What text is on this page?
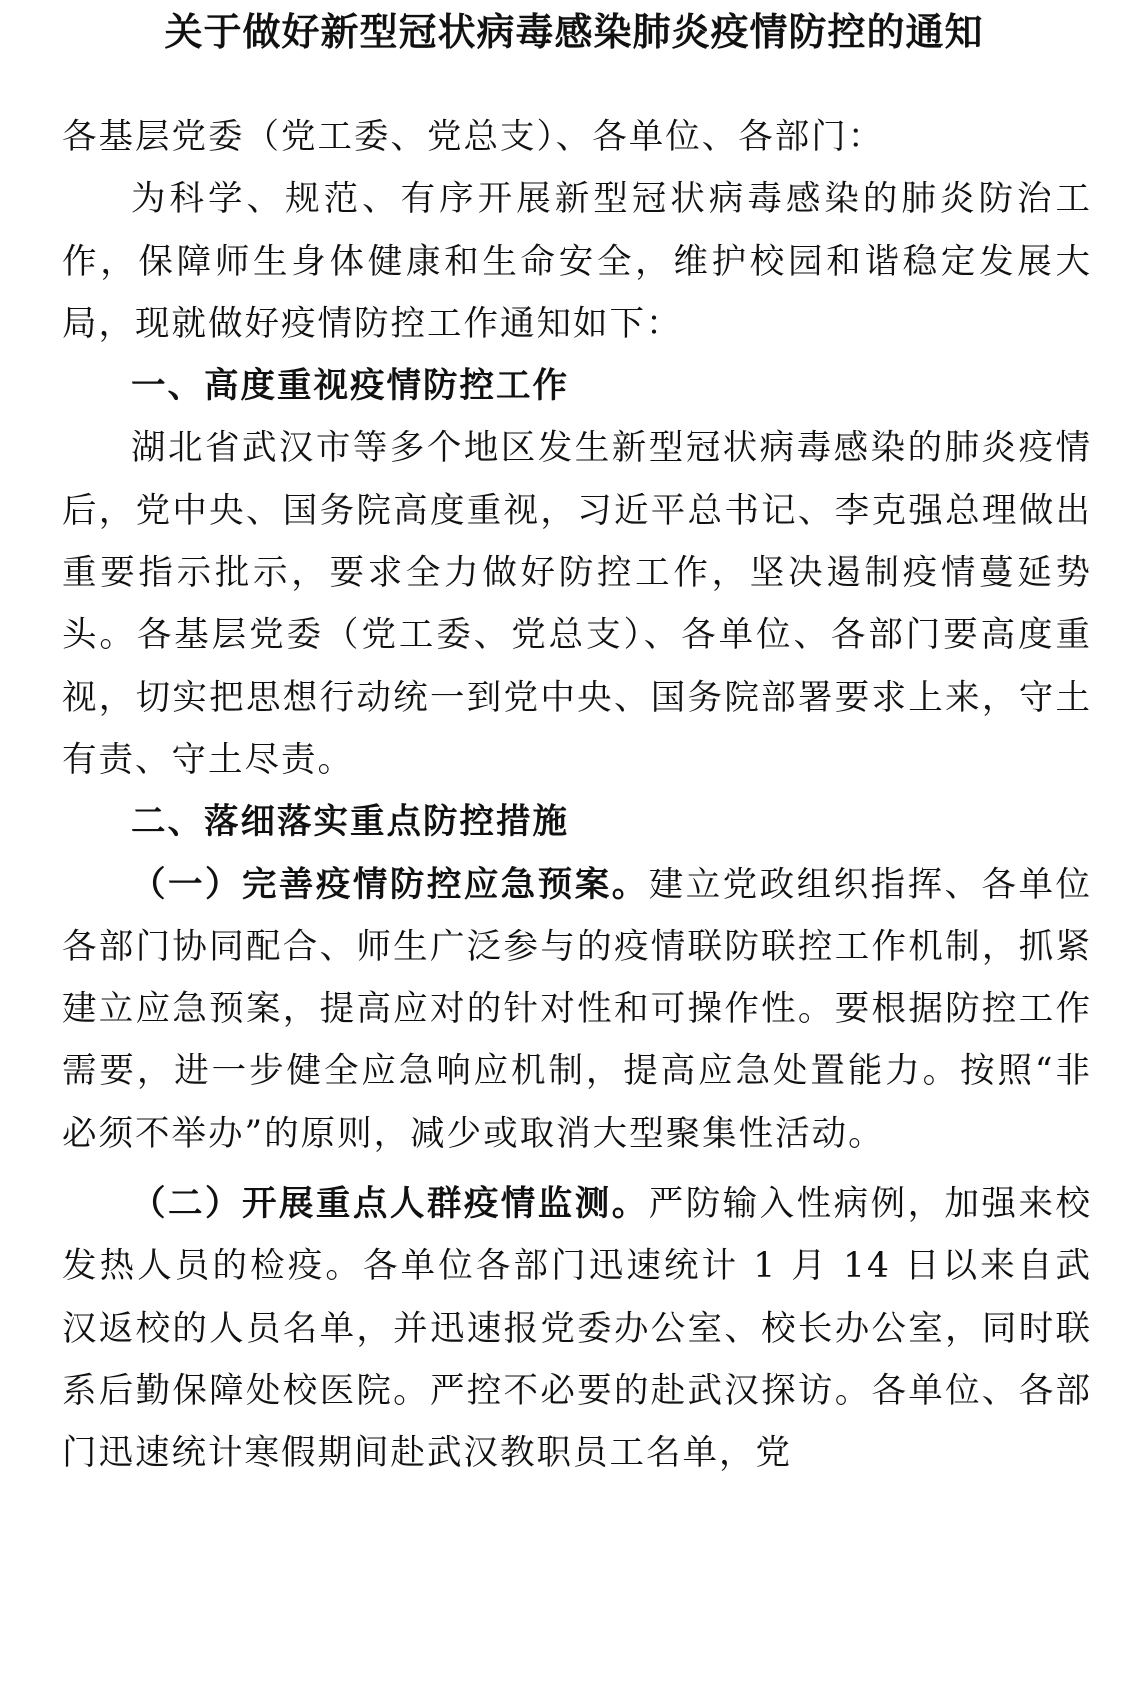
关于做好新型冠状病毒感染肺炎疫情防控的通知

各基层党委（党工委、党总支）、各单位、各部门：

为科学、规范、有序开展新型冠状病毒感染的肺炎防治工作，保障师生身体健康和生命安全，维护校园和谐稳定发展大局，现就做好疫情防控工作通知如下：

一、高度重视疫情防控工作

湖北省武汉市等多个地区发生新型冠状病毒感染的肺炎疫情后，党中央、国务院高度重视，习近平总书记、李克强总理做出重要指示批示，要求全力做好防控工作，坚决遏制疫情蔓延势头。各基层党委（党工委、党总支）、各单位、各部门要高度重视，切实把思想行动统一到党中央、国务院部署要求上来，守土有责、守土尽责。

二、落细落实重点防控措施

（一）完善疫情防控应急预案。建立党政组织指挥、各单位各部门协同配合、师生广泛参与的疫情联防联控工作机制，抓紧建立应急预案，提高应对的针对性和可操作性。要根据防控工作需要，进一步健全应急响应机制，提高应急处置能力。按照“非必须不举办”的原则，减少或取消大型聚集性活动。

（二）开展重点人群疫情监测。严防输入性病例，加强来校发热人员的检疫。各单位各部门迅速统计 1 月 14 日以来自武汉返校的人员名单，并迅速报党委办公室、校长办公室，同时联系后勤保障处校医院。严控不必要的赴武汉探访。各单位、各部门迅速统计寒假期间赴武汉教职员工名单，党
